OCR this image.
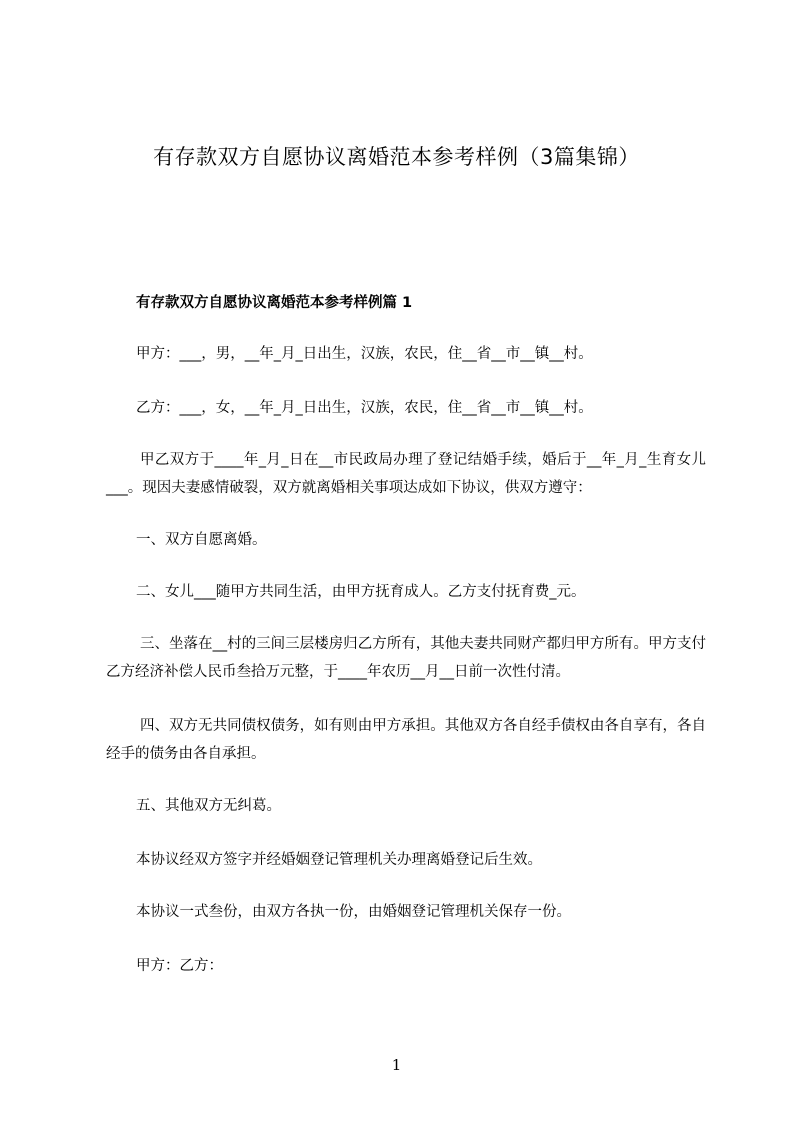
有存款双方自愿协议离婚范本参考样例（3篇集锦）
有存款双方自愿协议离婚范本参考样例篇 1
甲方：___，男，__年_月_日出生，汉族，农民，住__省__市__镇__村。
乙方：___，女，__年_月_日出生，汉族，农民，住__省__市__镇__村。
甲乙双方于____年_月_日在__市民政局办理了登记结婚手续，婚后于__年_月_生育女儿___。现因夫妻感情破裂，双方就离婚相关事项达成如下协议，供双方遵守：
一、双方自愿离婚。
二、女儿___随甲方共同生活，由甲方抚育成人。乙方支付抚育费_元。
三、坐落在__村的三间三层楼房归乙方所有，其他夫妻共同财产都归甲方所有。甲方支付乙方经济补偿人民币叁拾万元整，于____年农历__月__日前一次性付清。
四、双方无共同债权债务，如有则由甲方承担。其他双方各自经手债权由各自享有，各自经手的债务由各自承担。
五、其他双方无纠葛。
本协议经双方签字并经婚姻登记管理机关办理离婚登记后生效。
本协议一式叁份，由双方各执一份，由婚姻登记管理机关保存一份。
甲方：乙方：
1
